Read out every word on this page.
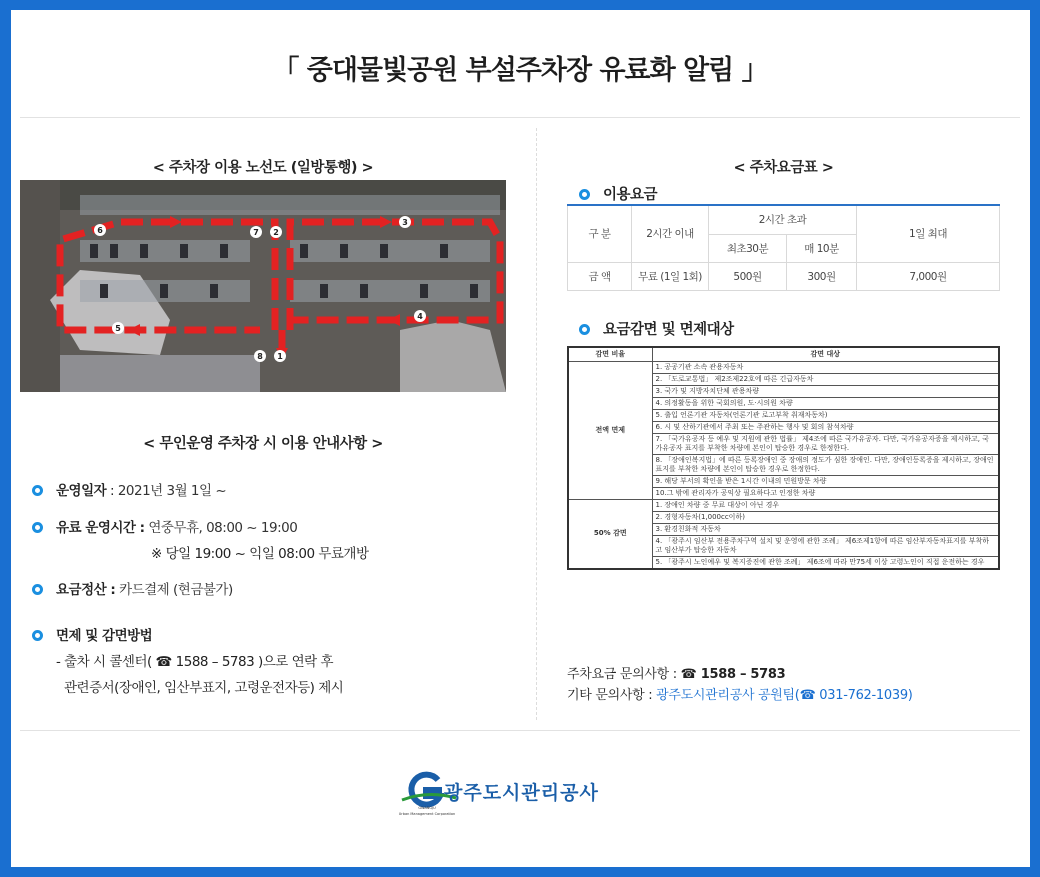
「 중대물빛공원 부설주차장 유료화 알림 」
< 주차장 이용 노선도 (일방통행) >
1
2
3
4
5
6	7
8
< 무인운영 주차장 시 이용 안내사항 >
운영일자 : 2021년 3월 1일 ~
유료 운영시간 : 연중무휴, 08:00 ~ 19:00
※ 당일 19:00 ~ 익일 08:00 무료개방
요금정산 : 카드결제 (현금불가)
면제 및 감면방법
- 출차 시 콜센터( ☎ 1588 – 5783 )으로 연락 후
관련증서(장애인, 임산부표지, 고령운전자등) 제시
< 주차요금표 >
이용요금
구 분	2시간 이내	2시간 초과		1일 최대
		최초30분	매 10분	
금 액	무료 (1일 1회)	500원	300원	7,000원
요금감면 및 면제대상
감면 비율	감면 대상
전액 면제	1. 공공기관 소속 관용자동차
	2. 「도로교통법」 제2조제22호에 따른 긴급자동차
	3. 국가 및 지방자치단체 관용차량
	4. 의정활동을 위한 국회의원, 도·시의원 차량
	5. 출입 언론기관 자동차(언론기관 로고부착 취재차동차)
	6. 시 및 산하기관에서 주최 또는 주관하는 행사 및 회의 참석차량
	7. 「국가유공자 등 예우 및 지원에 관한 법률」 제4조에 따른 국가유공자. 다만, 국가유공자증을 제시하고, 국가유공자 표지를 부착한 차량에 본인이 탑승한 경우로 한정한다.
	8. 「장애인복지법」에 따른 등록장애인 중 장애의 정도가 심한 장애인. 다만, 장애인등록증을 제시하고, 장애인 표지를 부착한 차량에 본인이 탑승한 경우로 한정한다.
	9. 해당 부서의 확인을 받은 1시간 이내의 민원방문 차량
	10.그 밖에 관리자가 공익상 필요하다고 인정한 차량
50% 감면	1. 장애인 차량 중 무료 대상이 아닌 경우
	2. 경형자동차(1,000cc이하)
	3. 환경친화적 자동차
	4. 「광주시 임산부 전용주차구역 설치 및 운영에 관한 조례」 제6조제1항에 따른 임산부자동차표지를 부착하고 임산부가 탑승한 자동차
	5. 「광주시 노인예우 및 복지증진에 관한 조례」 제6조에 따라 만75세 이상 고령노인이 직접 운전하는 경우
주차요금 문의사항 : ☎ 1588 – 5783
기타 문의사항 : 광주도시관리공사 공원팀(☎ 031-762-1039)
광주도시관리공사
GWANGJU
Urban Management Corporation
